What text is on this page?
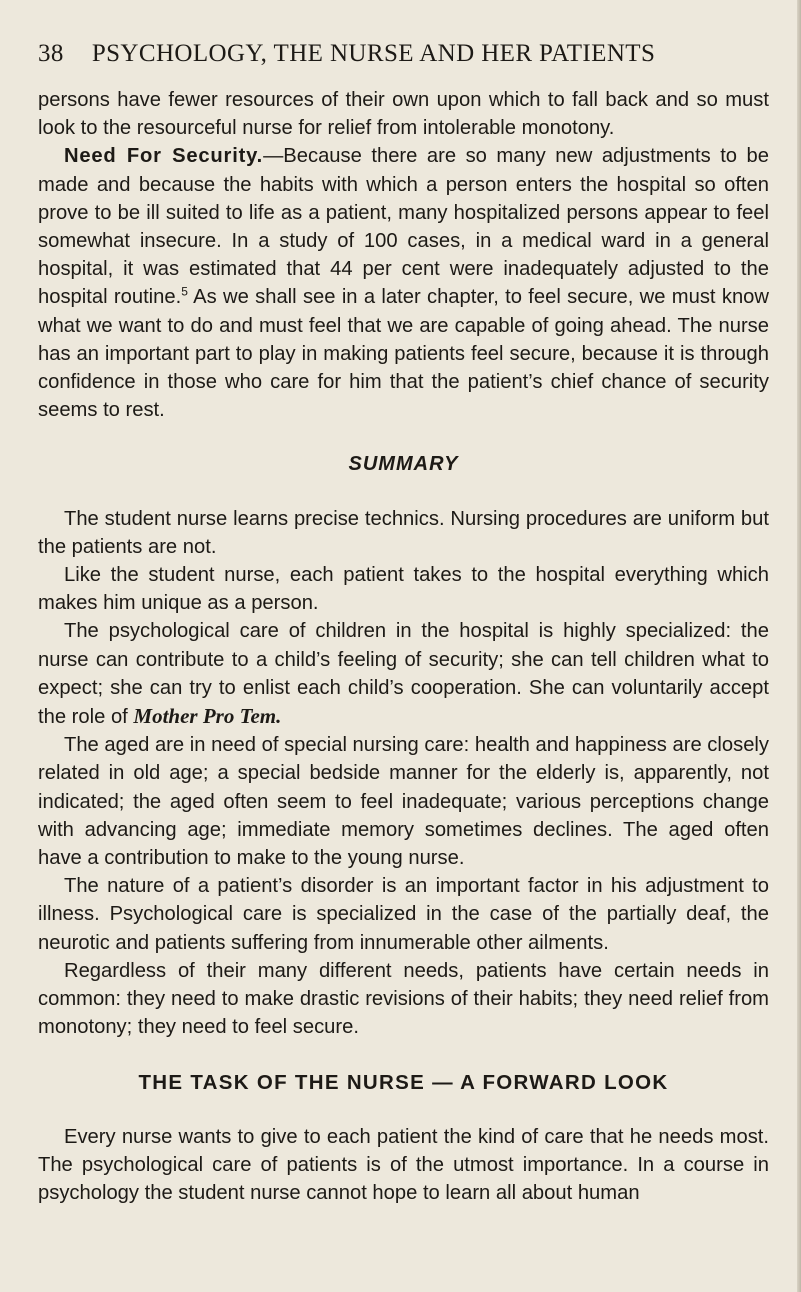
38 PSYCHOLOGY, THE NURSE AND HER PATIENTS

persons have fewer resources of their own upon which to fall back and so must look to the resourceful nurse for relief from intolerable monotony.

Need For Security.—Because there are so many new adjustments to be made and because the habits with which a person enters the hospital so often prove to be ill suited to life as a patient, many hospitalized persons appear to feel somewhat insecure. In a study of 100 cases, in a medical ward in a general hospital, it was estimated that 44 per cent were inadequately adjusted to the hospital routine.$^5$ As we shall see in a later chapter, to feel secure, we must know what we want to do and must feel that we are capable of going ahead. The nurse has an important part to play in making patients feel secure, because it is through confidence in those who care for him that the patient’s chief chance of security seems to rest.

SUMMARY

The student nurse learns precise technics. Nursing procedures are uniform but the patients are not.

Like the student nurse, each patient takes to the hospital everything which makes him unique as a person.

The psychological care of children in the hospital is highly specialized: the nurse can contribute to a child’s feeling of security; she can tell children what to expect; she can try to enlist each child’s cooperation. She can voluntarily accept the role of Mother Pro Tem.

The aged are in need of special nursing care: health and happiness are closely related in old age; a special bedside manner for the elderly is, apparently, not indicated; the aged often seem to feel inadequate; various perceptions change with advancing age; immediate memory sometimes declines. The aged often have a contribution to make to the young nurse.

The nature of a patient’s disorder is an important factor in his adjustment to illness. Psychological care is specialized in the case of the partially deaf, the neurotic and patients suffering from innumerable other ailments.

Regardless of their many different needs, patients have certain needs in common: they need to make drastic revisions of their habits; they need relief from monotony; they need to feel secure.

THE TASK OF THE NURSE — A FORWARD LOOK

Every nurse wants to give to each patient the kind of care that he needs most. The psychological care of patients is of the utmost importance. In a course in psychology the student nurse cannot hope to learn all about human
